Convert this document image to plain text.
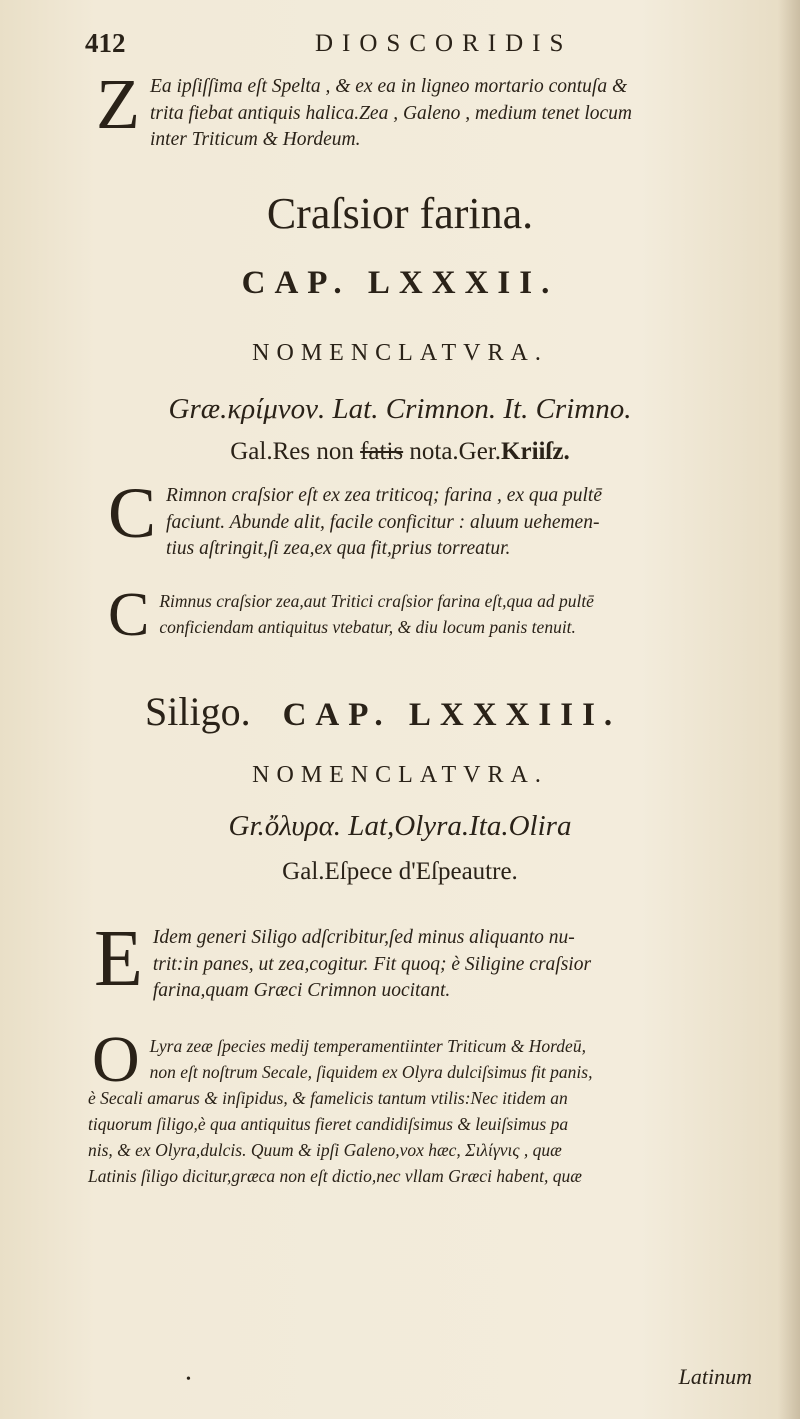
412	DIOSCORIDIS
Z Ea ipſiſſima eſt Spelta , & ex ea in ligneo mortario contuſa &
trita fiebat antiquis halica.Zea , Galeno , medium tenet locum
inter Triticum & Hordeum.
Craſsior farina.
CAP. LXXXII.
NOMENCLATVRA.
Græ.κρίμνον. Lat. Crimnon. It. Crimno.
Gal.Res non fatis nota.Ger.Kriiſz.
C Rimnon craſsior eſt ex zea triticoq; farina , ex qua pultē
faciunt. Abunde alit, facile conficitur : aluum uehemen-
tius aſtringit,ſi zea,ex qua fit,prius torreatur.
C Rimnus craſsior zea,aut Tritici craſsior farina eſt,qua ad pultē
conficiendam antiquitus vtebatur, & diu locum panis tenuit.
Siligo. CAP. LXXXIII.
NOMENCLATVRA.
Gr.ὄλυρα. Lat,Olyra.Ita.Olira
Gal.Eſpece d'Eſpeautre.
E Idem generi Siligo adſcribitur,ſed minus aliquanto nu-
trit:in panes, ut zea,cogitur. Fit quoq; è Siligine craſsior
farina,quam Græci Crimnon uocitant.
O Lyra zeæ ſpecies medij temperamentiinter Triticum & Hordeū,
non eſt noſtrum Secale, ſiquidem ex Olyra dulciſsimus fit panis,
è Secali amarus & inſipidus, & famelicis tantum vtilis:Nec itidem an
tiquorum ſiligo,è qua antiquitus fieret candidiſsimus & leuiſsimus pa
nis, & ex Olyra,dulcis. Quum & ipſi Galeno,vox hæc, Σιλίγνις , quæ
Latinis ſiligo dicitur,græca non eſt dictio,nec vllam Græci habent, quæ
•	Latinum
